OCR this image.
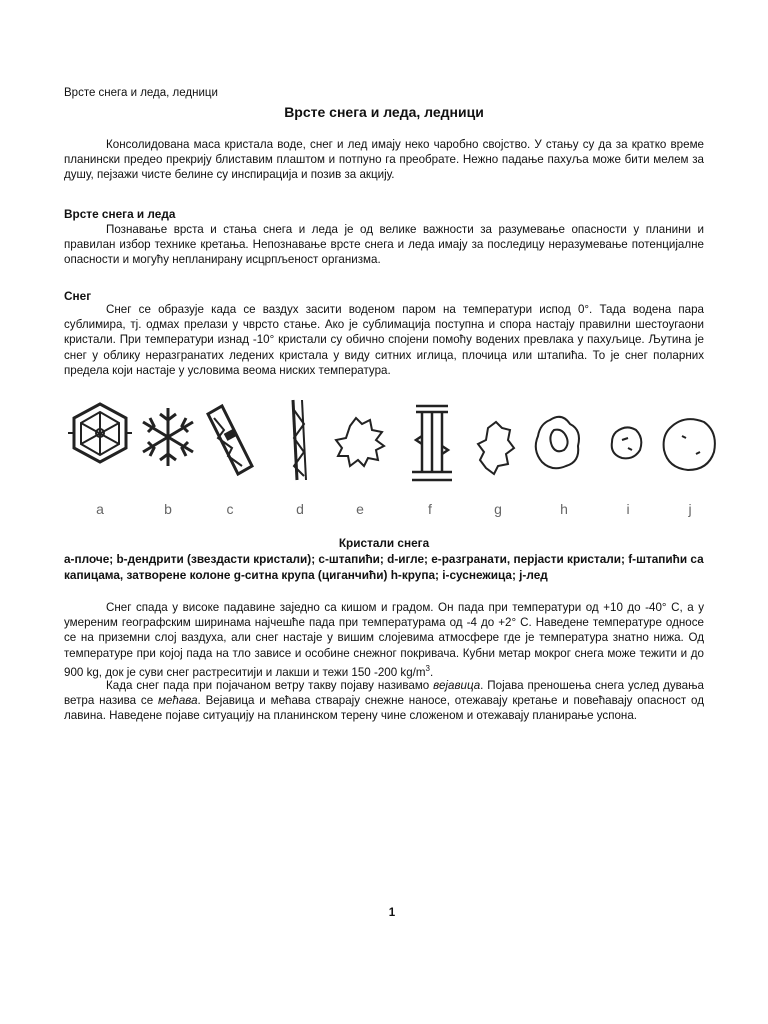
Врсте снега и леда, ледници
Врсте снега и леда, ледници
Консолидована маса кристала воде, снег и лед имају неко чаробно својство. У стању су да за кратко време планински предео прекрију блиставим плаштом и потпуно га преобрате. Нежно падање пахуља може бити мелем за душу, пејзажи чисте белине су инспирација и позив за акцију.
Врсте снега и леда
Познавање врста и стања снега и леда је од велике важности за разумевање опасности у планини и правилан избор технике кретања. Непознавање врсте снега и леда имају за последицу неразумевање потенцијалне опасности и могућу непланирану исцрпљеност организма.
Снег
Снег се образује када се ваздух засити воденом паром на температури испод 0°. Тада водена пара сублимира, тј. одмах прелази у чврсто стање. Ако је сублимација поступна и спора настају правилни шестоугаони кристали. При температури изнад -10° кристали су обично спојени помоћу водених превлака у пахуљице. Љутина је снег у облику неразгранатих ледених кристала у виду ситних иглица, плочица или штапића. То је снег поларних предела који настаје у условима веома ниских температура.
a	b	c	d	e	f	g	h	i	j
Кристали снега
a-плоче; b-дендрити (звездасти кристали); c-штапићи; d-игле; e-разгранати, перјасти кристали; f-штапићи са капицама, затворене колоне g-ситна крупа (циганчићи) h-крупа; i-суснежица; j-лед
Снег спада у високе падавине заједно са кишом и градом. Он пада при температури од +10 до -40° C, а у умереним географским ширинама најчешће пада при температурама од -4 до +2° C. Наведене температуре односе се на приземни слој ваздуха, али снег настаје у вишим слојевима атмосфере где је температура знатно нижа. Од температуре при којој пада на тло зависе и особине снежног покривача. Кубни метар мокрог снега може тежити и до 900 kg, док је суви снег растреситији и лакши и тежи 150 -200 $kg/m^3$.
Када снег пада при појачаном ветру такву појаву називамо вејавица. Појава преношења снега услед дувања ветра назива се мећава. Вејавица и мећава стварају снежне наносе, отежавају кретање и повећавају опасност од лавина. Наведене појаве ситуацију на планинском терену чине сложеном и отежавају планирање успона.
1
